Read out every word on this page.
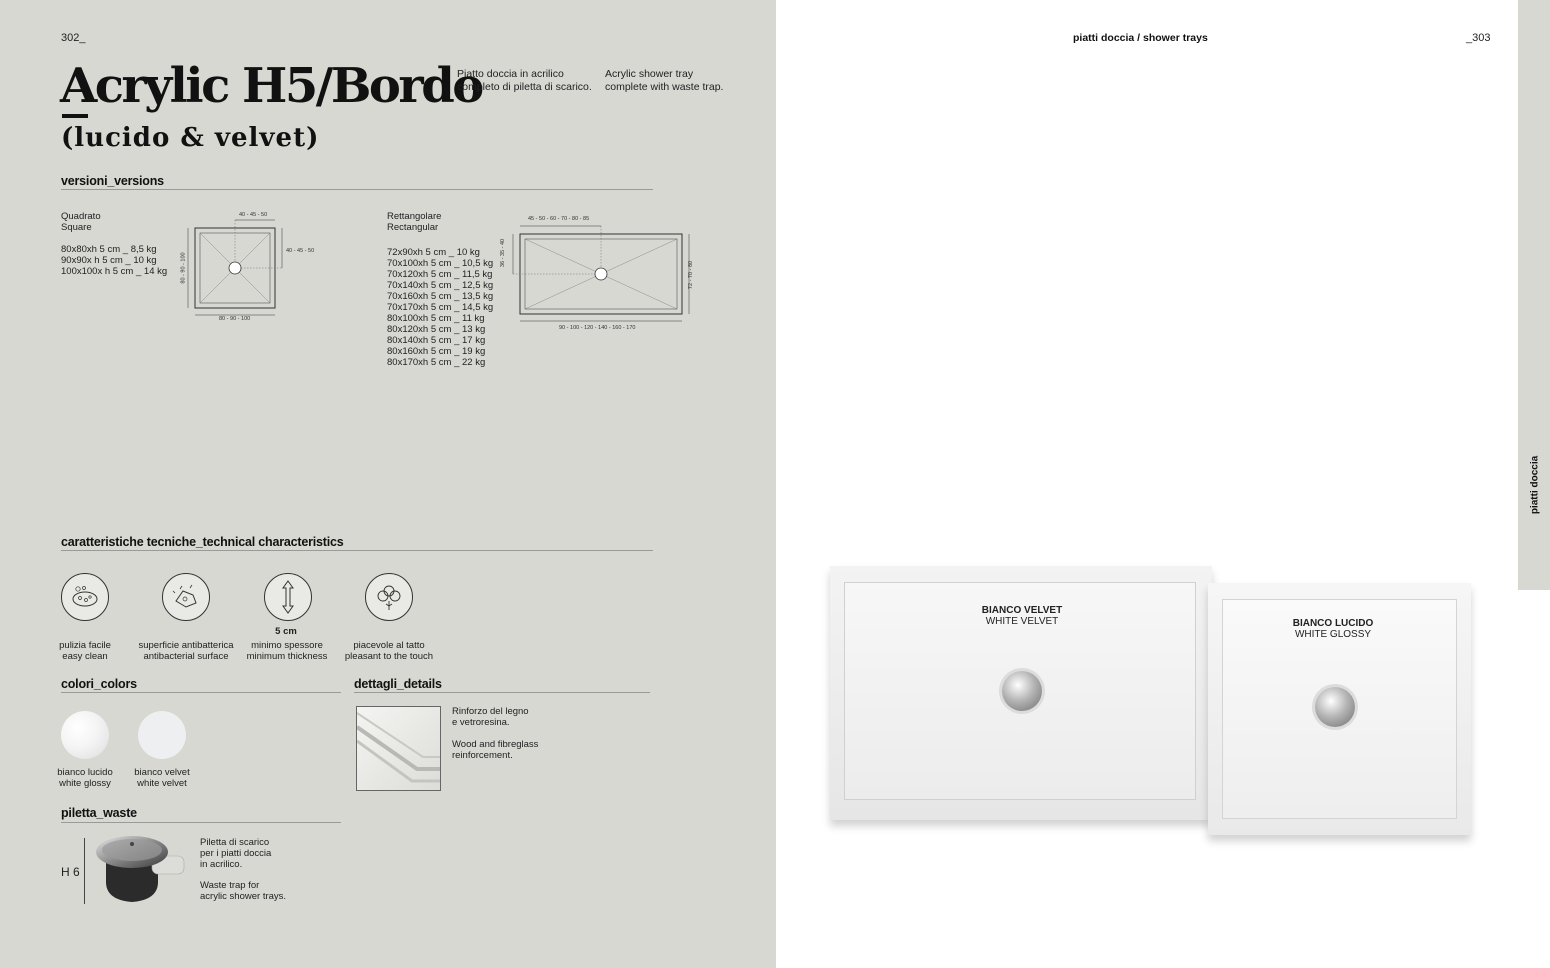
302_
Acrylic H5/Bordo
(lucido & velvet)
Piatto doccia in acrilico
completo di piletta di scarico.
Acrylic shower tray
complete with waste trap.
versioni_versions
Quadrato
Square
80x80xh 5 cm _ 8,5 kg
90x90x h 5 cm _ 10 kg
100x100x h 5 cm _ 14 kg
40 - 45 - 50
40 - 45 - 50
80 - 90 - 100
80 - 90 - 100
Rettangolare
Rectangular
72x90xh 5 cm _ 10 kg
70x100xh 5 cm _ 10,5 kg
70x120xh 5 cm _ 11,5 kg
70x140xh 5 cm _ 12,5 kg
70x160xh 5 cm _ 13,5 kg
70x170xh 5 cm _ 14,5 kg
80x100xh 5 cm _ 11 kg
80x120xh 5 cm _ 13 kg
80x140xh 5 cm _ 17 kg
80x160xh 5 cm _ 19 kg
80x170xh 5 cm _ 22 kg
45 - 50 - 60 - 70 - 80 - 85
36 - 35 - 40
72 - 70 - 80
90 - 100 - 120 - 140 - 160 - 170
caratteristiche tecniche_technical characteristics
5 cm
pulizia facile
easy clean
superficie antibatterica
antibacterial surface
minimo spessore
minimum thickness
piacevole al tatto
pleasant to the touch
colori_colors
bianco lucido
white glossy
bianco velvet
white velvet
dettagli_details
Rinforzo del legno
e vetroresina.
Wood and fibreglass
reinforcement.
piletta_waste
H 6
Piletta di scarico
per i piatti doccia
in acrilico.
Waste trap for
acrylic shower trays.
piatti doccia / shower trays	_303
piatti doccia
BIANCO VELVET
WHITE VELVET	BIANCO LUCIDO
WHITE GLOSSY
